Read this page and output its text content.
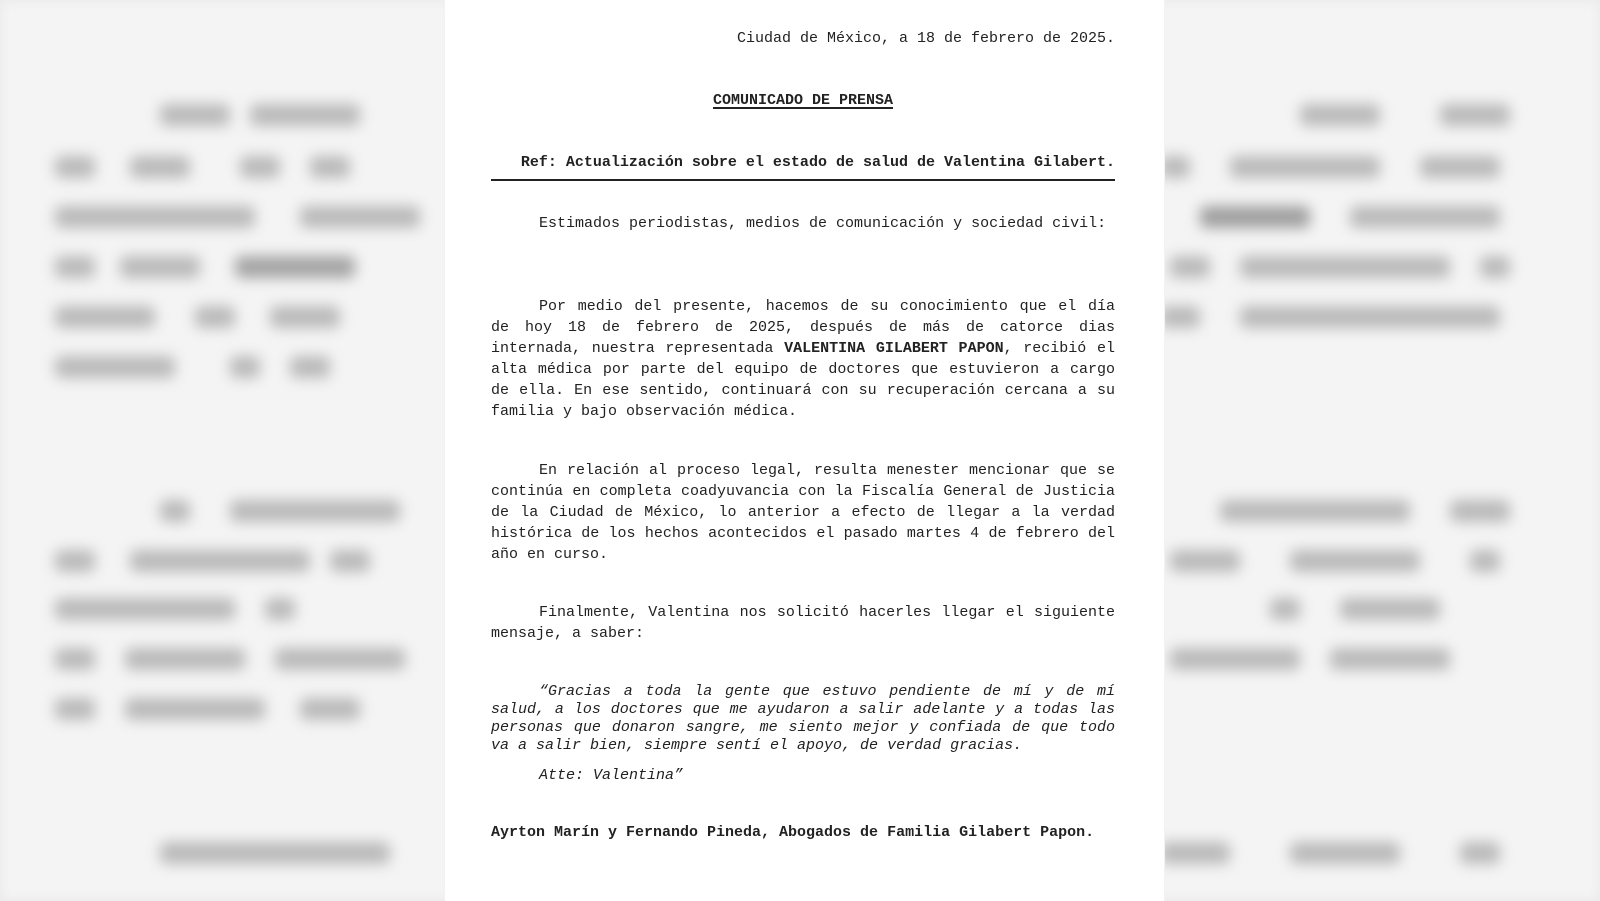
Ciudad de México, a 18 de febrero de 2025.
COMUNICADO DE PRENSA
Ref: Actualización sobre el estado de salud de Valentina Gilabert.
Estimados periodistas, medios de comunicación y sociedad civil:
Por medio del presente, hacemos de su conocimiento que el día de hoy 18 de febrero de 2025, después de más de catorce dias internada, nuestra representada VALENTINA GILABERT PAPON, recibió el alta médica por parte del equipo de doctores que estuvieron a cargo de ella. En ese sentido, continuará con su recuperación cercana a su familia y bajo observación médica.
En relación al proceso legal, resulta menester mencionar que se continúa en completa coadyuvancia con la Fiscalía General de Justicia de la Ciudad de México, lo anterior a efecto de llegar a la verdad histórica de los hechos acontecidos el pasado martes 4 de febrero del año en curso.
Finalmente, Valentina nos solicitó hacerles llegar el siguiente mensaje, a saber:
“Gracias a toda la gente que estuvo pendiente de mí y de mí salud, a los doctores que me ayudaron a salir adelante y a todas las personas que donaron sangre, me siento mejor y confiada de que todo va a salir bien, siempre sentí el apoyo, de verdad gracias.
Atte: Valentina”
Ayrton Marín y Fernando Pineda, Abogados de Familia Gilabert Papon.
